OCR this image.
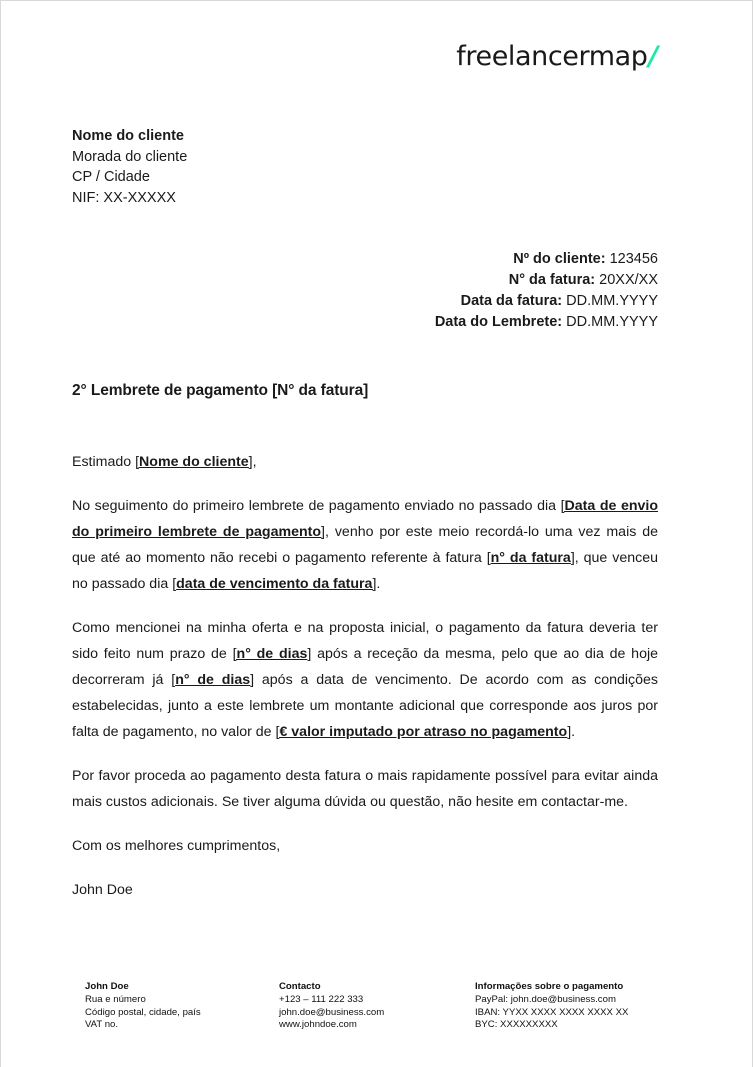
freelancermap/
Nome do cliente
Morada do cliente
CP / Cidade
NIF: XX-XXXXX
Nº do cliente: 123456
N° da fatura: 20XX/XX
Data da fatura: DD.MM.YYYY
Data do Lembrete: DD.MM.YYYY
2° Lembrete de pagamento [N° da fatura]

Estimado [Nome do cliente],

No seguimento do primeiro lembrete de pagamento enviado no passado dia [Data de envio do primeiro lembrete de pagamento], venho por este meio recordá-lo uma vez mais de que até ao momento não recebi o pagamento referente à fatura [n° da fatura], que venceu no passado dia [data de vencimento da fatura].

Como mencionei na minha oferta e na proposta inicial, o pagamento da fatura deveria ter sido feito num prazo de [n° de dias] após a receção da mesma, pelo que ao dia de hoje decorreram já [n° de dias] após a data de vencimento. De acordo com as condições estabelecidas, junto a este lembrete um montante adicional que corresponde aos juros por falta de pagamento, no valor de [€ valor imputado por atraso no pagamento].

Por favor proceda ao pagamento desta fatura o mais rapidamente possível para evitar ainda mais custos adicionais. Se tiver alguma dúvida ou questão, não hesite em contactar-me.

Com os melhores cumprimentos,

John Doe

John Doe
Rua e número
Código postal, cidade, país
VAT no.
Contacto
+123 – 111 222 333
john.doe@business.com
www.johndoe.com
Informações sobre o pagamento
PayPal: john.doe@business.com
IBAN: YYXX XXXX XXXX XXXX XX
BYC: XXXXXXXXX
